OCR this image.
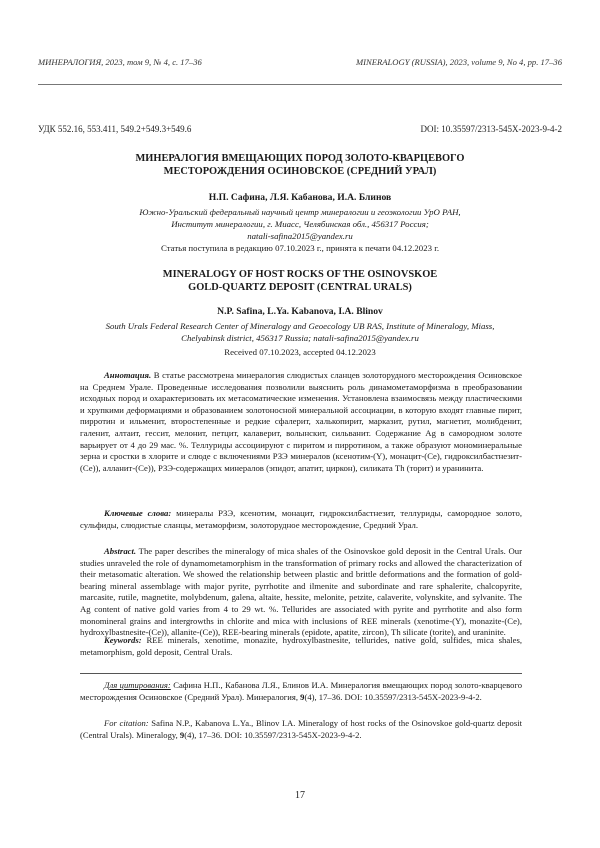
МИНЕРАЛОГИЯ, 2023, том 9, № 4, с. 17–36	MINERALOGY (RUSSIA), 2023, volume 9, No 4, pp. 17–36
УДК 552.16, 553.411, 549.2+549.3+549.6	DOI: 10.35597/2313-545X-2023-9-4-2
МИНЕРАЛОГИЯ ВМЕЩАЮЩИХ ПОРОД ЗОЛОТО-КВАРЦЕВОГО
МЕСТОРОЖДЕНИЯ ОСИНОВСКОЕ (СРЕДНИЙ УРАЛ)
Н.П. Сафина, Л.Я. Кабанова, И.А. Блинов
Южно-Уральский федеральный научный центр минералогии и геоэкологии УрО РАН,
Институт минералогии, г. Миасс, Челябинская обл., 456317 Россия;
natali-safina2015@yandex.ru
Статья поступила в редакцию 07.10.2023 г., принята к печати 04.12.2023 г.
MINERALOGY OF HOST ROCKS OF THE OSINOVSKOE
GOLD-QUARTZ DEPOSIT (CENTRAL URALS)
N.P. Safina, L.Ya. Kabanova, I.A. Blinov
South Urals Federal Research Center of Mineralogy and Geoecology UB RAS, Institute of Mineralogy, Miass,
Chelyabinsk district, 456317 Russia; natali-safina2015@yandex.ru
Received 07.10.2023, accepted 04.12.2023
Аннотация. В статье рассмотрена минералогия слюдистых сланцев золоторудного месторождения Осиновское на Среднем Урале. Проведенные исследования позволили выяснить роль динамометаморфизма в преобразовании исходных пород и охарактеризовать их метасоматические изменения. Установлена взаимосвязь между пластическими и хрупкими деформациями и образованием золотоносной минеральной ассоциации, в которую входят главные пирит, пирротин и ильменит, второстепенные и редкие сфалерит, халькопирит, марказит, рутил, магнетит, молибденит, галенит, алтаит, гессит, мелонит, петцит, калаверит, волынскит, сильванит. Содержание Ag в самородном золоте варьирует от 4 до 29 мас. %. Теллуриды ассоциируют с пиритом и пирротином, а также образуют мономинеральные зерна и сростки в хлорите и слюде с включениями РЗЭ минералов (ксенотим-(Y), монацит-(Ce), гидроксилбастнезит-(Се)), алланит-(Се)), РЗЭ-содержащих минералов (эпидот, апатит, циркон), силиката Th (торит) и уранинита.
Ключевые слова: минералы РЗЭ, ксенотим, монацит, гидроксилбастнезит, теллуриды, самородное золото, сульфиды, слюдистые сланцы, метаморфизм, золоторудное месторождение, Средний Урал.
Abstract. The paper describes the mineralogy of mica shales of the Osinovskoe gold deposit in the Central Urals. Our studies unraveled the role of dynamometamorphism in the transformation of primary rocks and allowed the characterization of their metasomatic alteration. We showed the relationship between plastic and brittle deformations and the formation of gold-bearing mineral assemblage with major pyrite, pyrrhotite and ilmenite and subordinate and rare sphalerite, chalcopyrite, marcasite, rutile, magnetite, molybdenum, galena, altaite, hessite, melonite, petzite, calaverite, volynskite, and sylvanite. The Ag content of native gold varies from 4 to 29 wt. %. Tellurides are associated with pyrite and pyrrhotite and also form monomineral grains and intergrowths in chlorite and mica with inclusions of REE minerals (xenotime-(Y), monazite-(Ce), hydroxylbastnesite-(Ce)), allanite-(Ce)), REE-bearing minerals (epidote, apatite, zircon), Th silicate (torite), and uraninite.
Keywords: REE minerals, xenotime, monazite, hydroxylbastnesite, tellurides, native gold, sulfides, mica shales, metamorphism, gold deposit, Central Urals.
Для цитирования: Сафина Н.П., Кабанова Л.Я., Блинов И.А. Минералогия вмещающих пород золото-кварцевого месторождения Осиновское (Средний Урал). Минералогия, 9(4), 17–36. DOI: 10.35597/2313-545X-2023-9-4-2.
For citation: Safina N.P., Kabanova L.Ya., Blinov I.A. Mineralogy of host rocks of the Osinovskoe gold-quartz deposit (Central Urals). Mineralogy, 9(4), 17–36. DOI: 10.35597/2313-545X-2023-9-4-2.
17
